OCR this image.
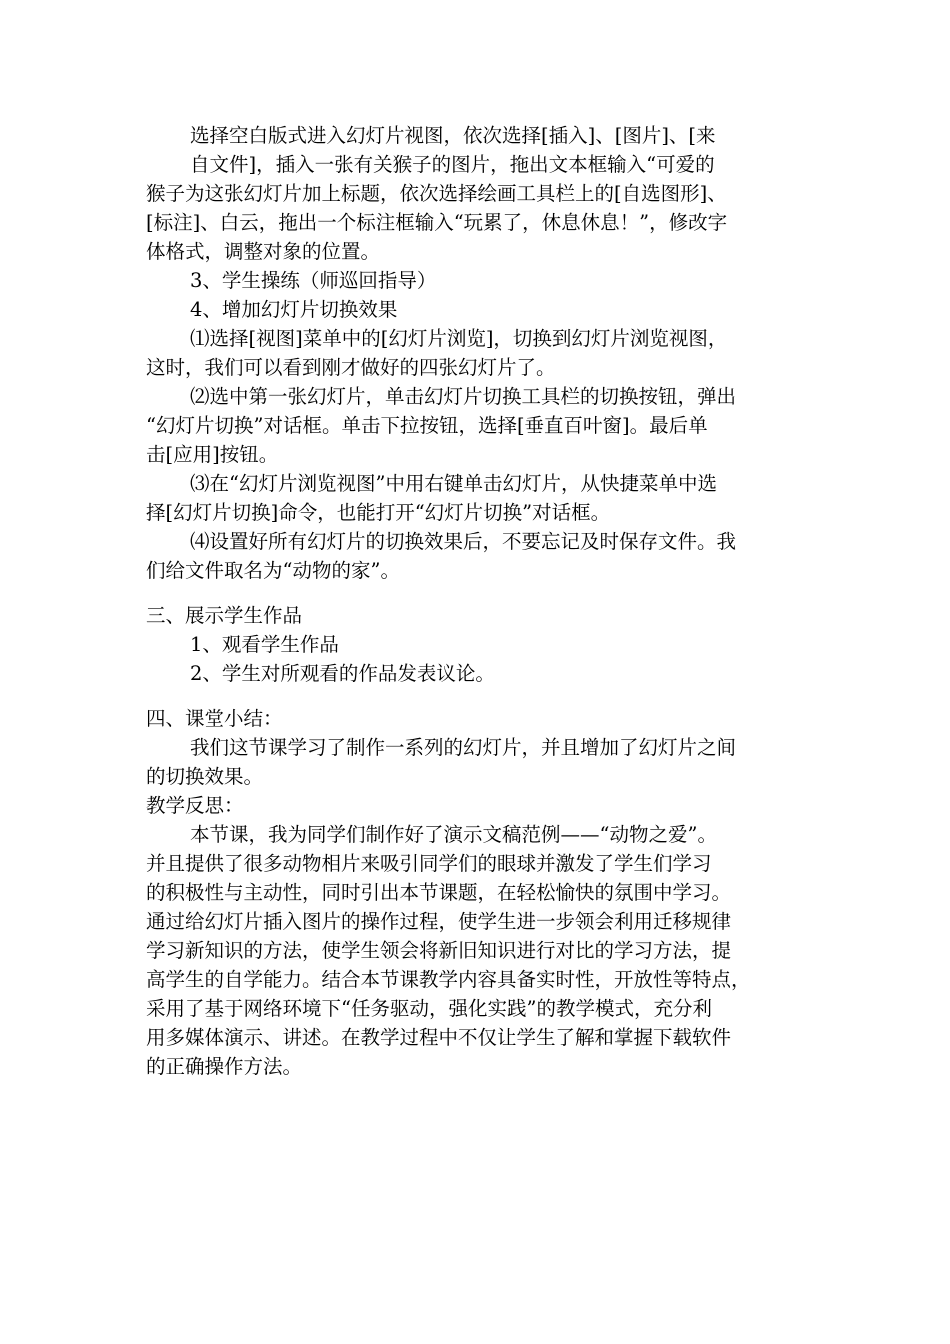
选择空白版式进入幻灯片视图，依次选择[插入]、[图片]、[来
自文件]，插入一张有关猴子的图片，拖出文本框输入“可爱的
猴子为这张幻灯片加上标题，依次选择绘画工具栏上的[自选图形]、
[标注]、白云，拖出一个标注框输入“玩累了，休息休息！”，修改字
体格式，调整对象的位置。
3、学生操练（师巡回指导）
4、增加幻灯片切换效果
⑴选择[视图]菜单中的[幻灯片浏览]，切换到幻灯片浏览视图，
这时，我们可以看到刚才做好的四张幻灯片了。
⑵选中第一张幻灯片，单击幻灯片切换工具栏的切换按钮，弹出
“幻灯片切换”对话框。单击下拉按钮，选择[垂直百叶窗]。最后单
击[应用]按钮。
⑶在“幻灯片浏览视图”中用右键单击幻灯片，从快捷菜单中选
择[幻灯片切换]命令，也能打开“幻灯片切换”对话框。
⑷设置好所有幻灯片的切换效果后，不要忘记及时保存文件。我
们给文件取名为“动物的家”。
三、展示学生作品
1、观看学生作品
2、学生对所观看的作品发表议论。
四、课堂小结：
我们这节课学习了制作一系列的幻灯片，并且增加了幻灯片之间
的切换效果。
教学反思：
本节课，我为同学们制作好了演示文稿范例——“动物之爱”。
并且提供了很多动物相片来吸引同学们的眼球并激发了学生们学习
的积极性与主动性，同时引出本节课题，在轻松愉快的氛围中学习。
通过给幻灯片插入图片的操作过程，使学生进一步领会利用迁移规律
学习新知识的方法，使学生领会将新旧知识进行对比的学习方法，提
高学生的自学能力。结合本节课教学内容具备实时性，开放性等特点，
采用了基于网络环境下“任务驱动，强化实践”的教学模式，充分利
用多媒体演示、讲述。在教学过程中不仅让学生了解和掌握下载软件
的正确操作方法。
